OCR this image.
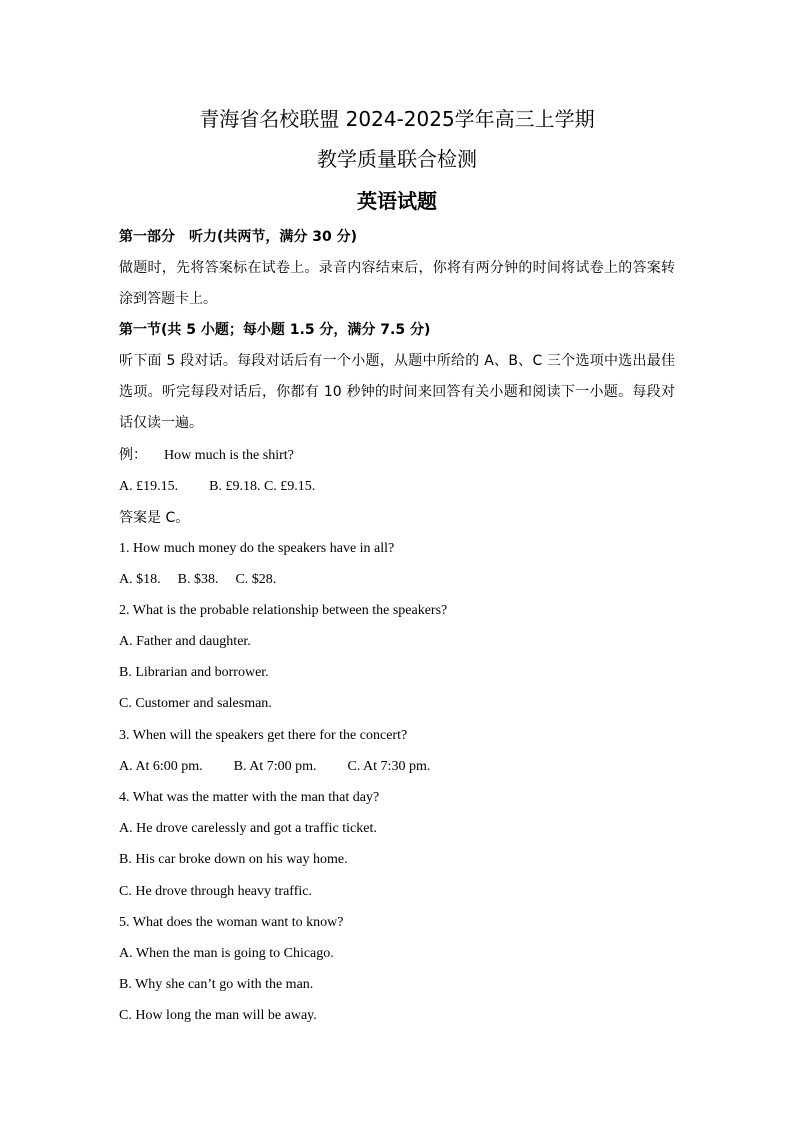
青海省名校联盟 2024-2025学年高三上学期
教学质量联合检测
英语试题
第一部分　听力(共两节，满分 30 分)
做题时，先将答案标在试卷上。录音内容结束后，你将有两分钟的时间将试卷上的答案转涂到答题卡上。
第一节(共 5 小题；每小题 1.5 分，满分 7.5 分)
听下面 5 段对话。每段对话后有一个小题，从题中所给的 A、B、C 三个选项中选出最佳选项。听完每段对话后，你都有 10 秒钟的时间来回答有关小题和阅读下一小题。每段对话仅读一遍。
例： How much is the shirt?
A. £19.15. B. £9.18. C. £9.15.
答案是 C。
1. How much money do the speakers have in all?
A. $18. B. $38. C. $28.
2. What is the probable relationship between the speakers?
A. Father and daughter.
B. Librarian and borrower.
C. Customer and salesman.
3. When will the speakers get there for the concert?
A. At 6:00 pm. B. At 7:00 pm. C. At 7:30 pm.
4. What was the matter with the man that day?
A. He drove carelessly and got a traffic ticket.
B. His car broke down on his way home.
C. He drove through heavy traffic.
5. What does the woman want to know?
A. When the man is going to Chicago.
B. Why she can’t go with the man.
C. How long the man will be away.
